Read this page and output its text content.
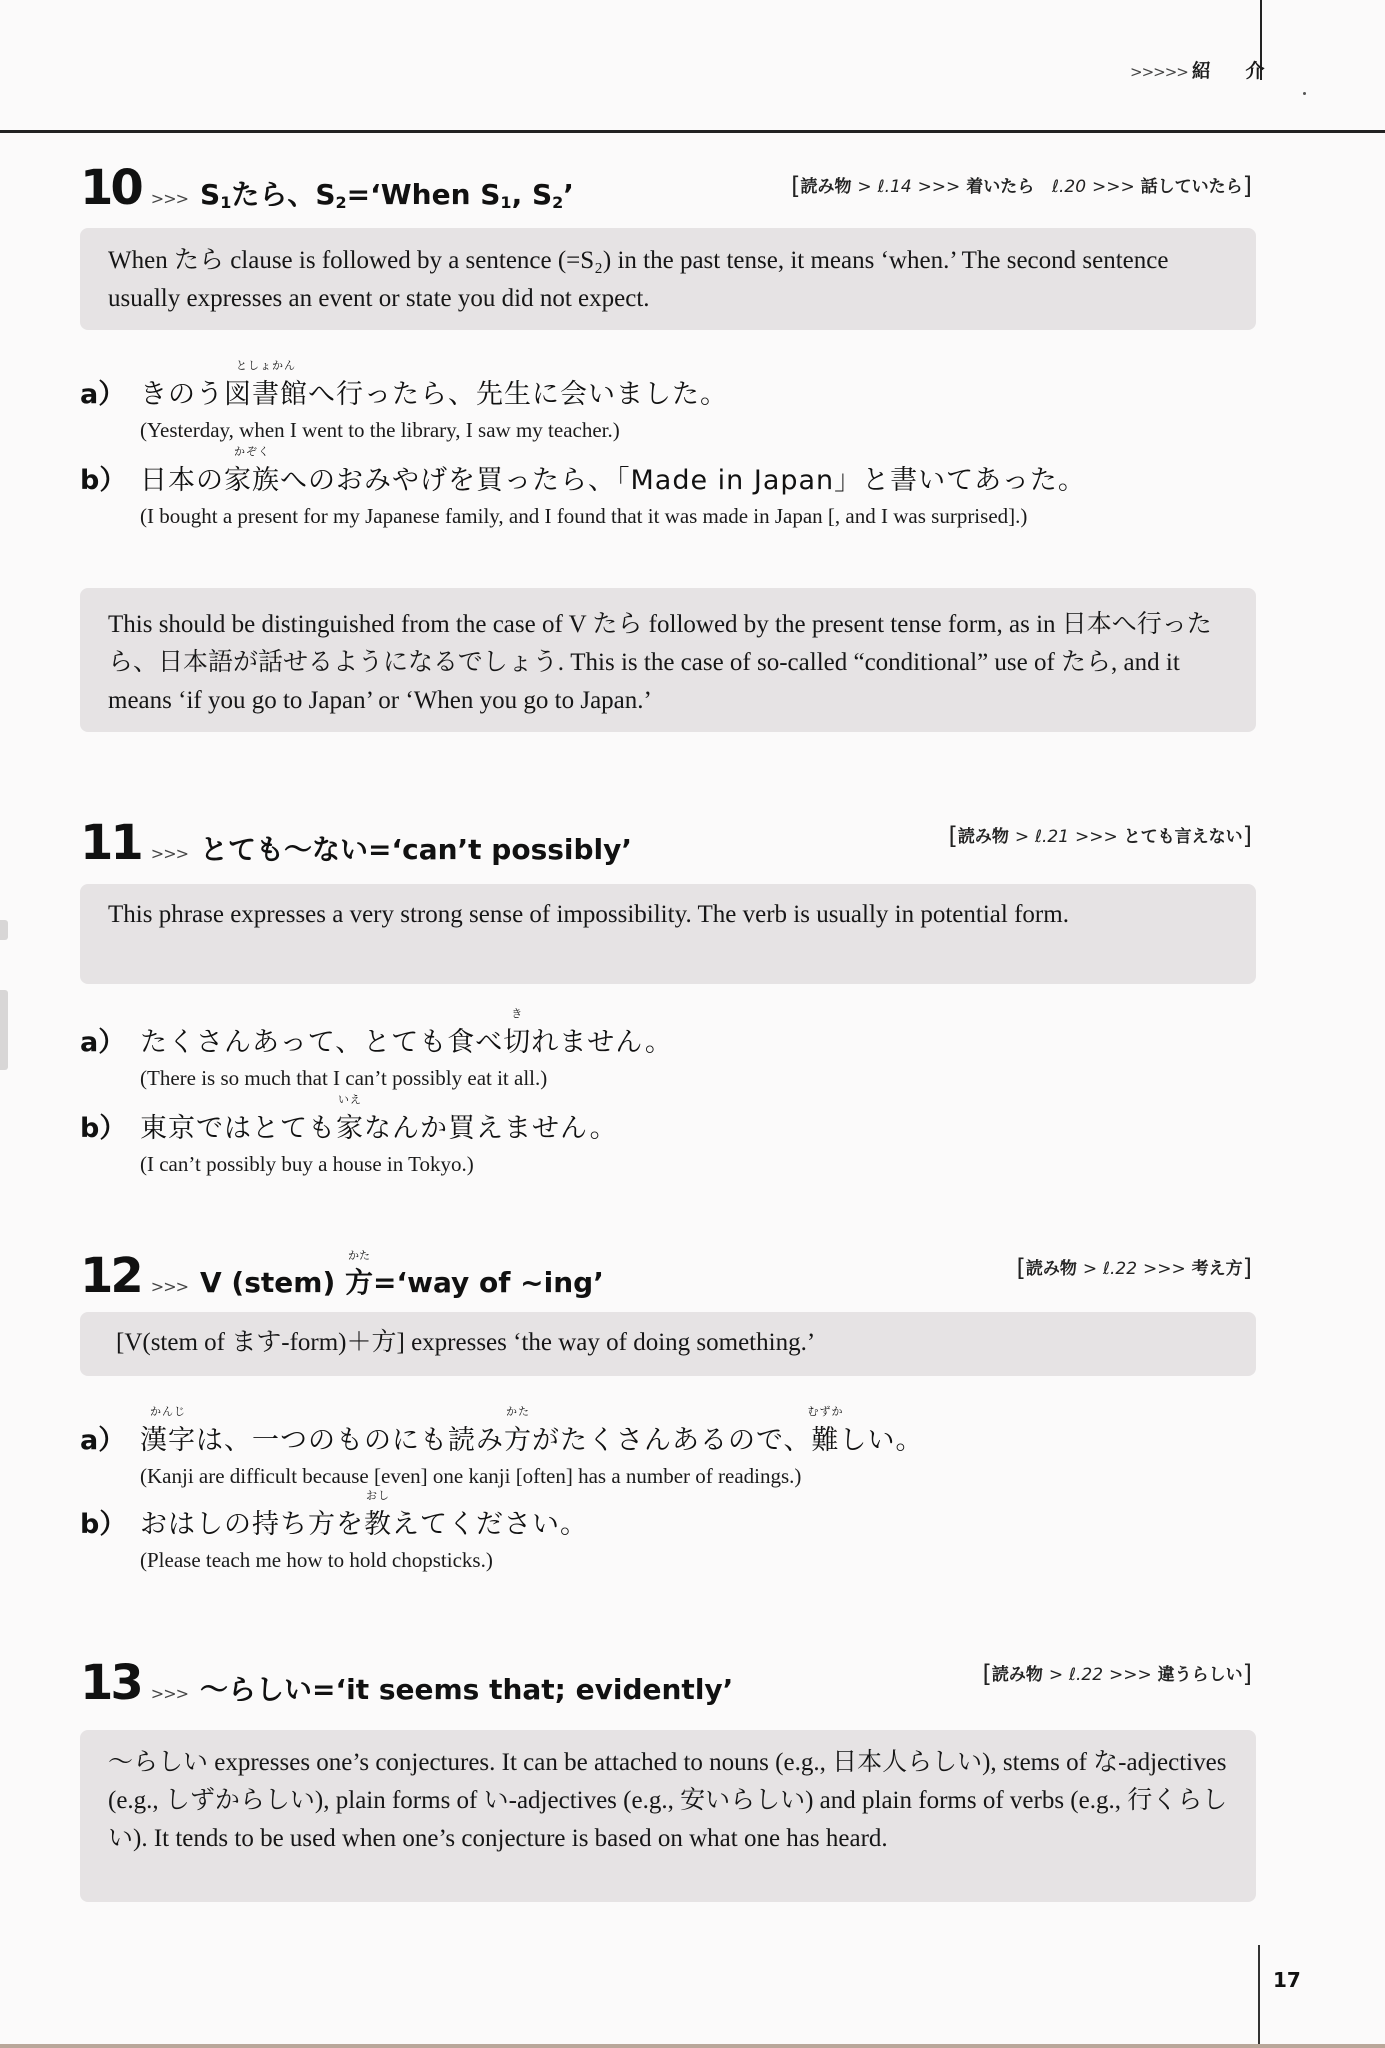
>>>>> 紹 介
10 >>> $S_1$たら、$S_2=‘When$ $S_1$, $S_2$’	[読み物 > ℓ.14 >>> 着いたら ℓ.20 >>> 話していたら]
When たら clause is followed by a sentence (=S₂) in the past tense, it means ‘when.’ The second sentence usually expresses an event or state you did not expect.
a） きのう
としょかん
図書館へ行ったら、先生に会いました。
(Yesterday, when I went to the library, I saw my teacher.)
b） 日本の
かぞく
家族へのおみやげを買ったら、「Made in Japan」と書いてあった。
(I bought a present for my Japanese family, and I found that it was made in Japan [, and I was surprised].)
This should be distinguished from the case of V たら followed by the present tense form, as in 日本へ行ったら、日本語が話せるようになるでしょう. This is the case of so-called “conditional” use of たら, and it means ‘if you go to Japan’ or ‘When you go to Japan.’
11 >>> とても～ない=‘can’t possibly’	[読み物 > ℓ.21 >>> とても言えない]
This phrase expresses a very strong sense of impossibility. The verb is usually in potential form.
a） たくさんあって、とても食べ
き
切れません。
(There is so much that I can’t possibly eat it all.)
b） 東京ではとても
いえ
家なんか買えません。
(I can’t possibly buy a house in Tokyo.)
12 >>> V (stem)
かた
方=‘way of ~ing’	[読み物 > ℓ.22 >>> 考え方]
[V(stem of ます-form)＋方] expresses ‘the way of doing something.’
a）
かんじ
漢字は、一つのものにも読み
かた
方がたくさんあるので、
むずか
難しい。
(Kanji are difficult because [even] one kanji [often] has a number of readings.)
b） おはしの持ち方を
おし
教えてください。
(Please teach me how to hold chopsticks.)
13 >>> ～らしい=‘it seems that; evidently’	[読み物 > ℓ.22 >>> 違うらしい]
～らしい expresses one’s conjectures. It can be attached to nouns (e.g., 日本人らしい), stems of な-adjectives (e.g., しずからしい), plain forms of い-adjectives (e.g., 安いらしい) and plain forms of verbs (e.g., 行くらしい). It tends to be used when one’s conjecture is based on what one has heard.
17
